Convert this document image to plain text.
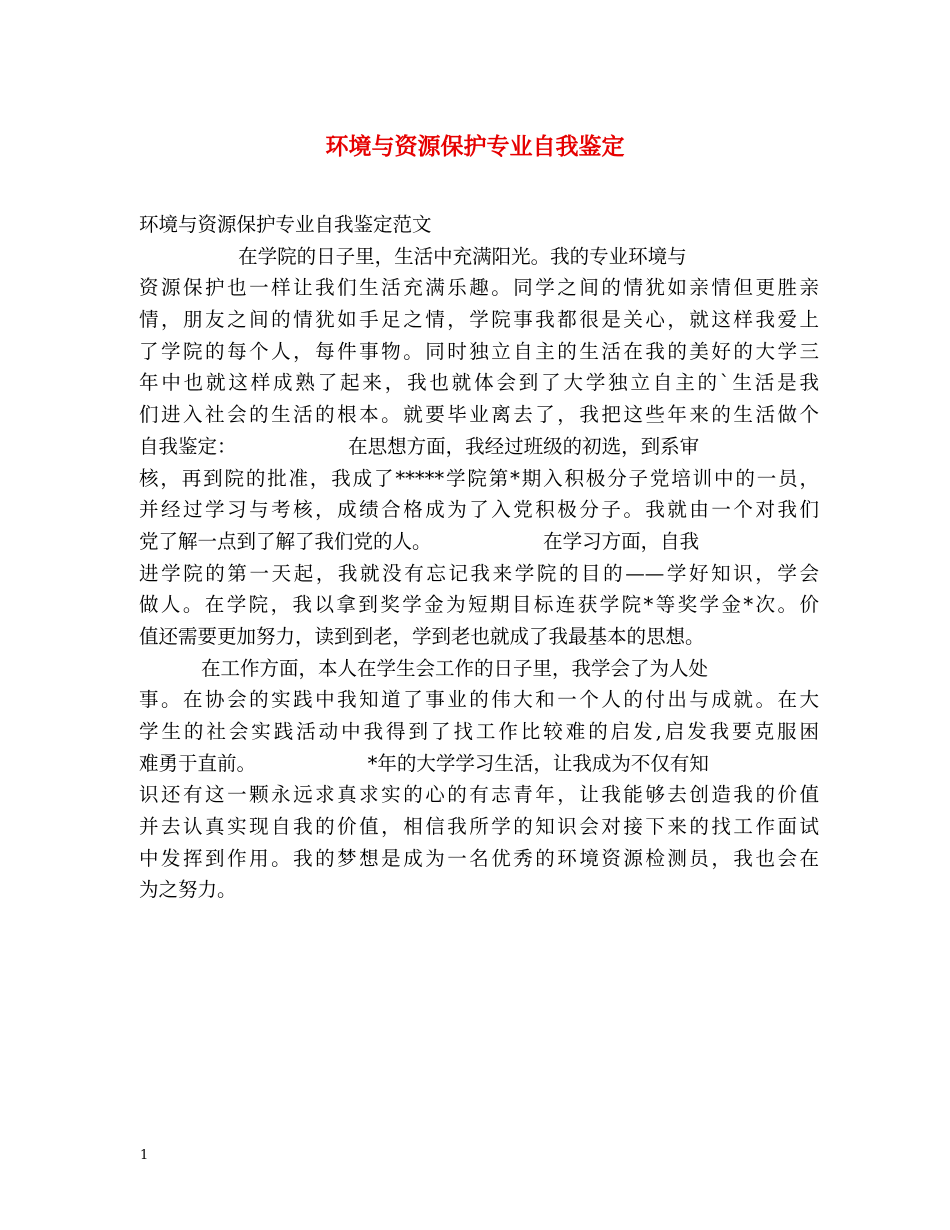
环境与资源保护专业自我鉴定
环境与资源保护专业自我鉴定范文
在学院的日子里，生活中充满阳光。我的专业环境与
资源保护也一样让我们生活充满乐趣。同学之间的情犹如亲情但更胜亲
情，朋友之间的情犹如手足之情，学院事我都很是关心，就这样我爱上
了学院的每个人，每件事物。同时独立自主的生活在我的美好的大学三
年中也就这样成熟了起来，我也就体会到了大学独立自主的`生活是我
们进入社会的生活的根本。就要毕业离去了，我把这些年来的生活做个
自我鉴定：                  在思想方面，我经过班级的初选，到系审
核，再到院的批准，我成了*****学院第*期入积极分子党培训中的一员，
并经过学习与考核，成绩合格成为了入党积极分子。我就由一个对我们
党了解一点到了解了我们党的人。                  在学习方面，自我
进学院的第一天起，我就没有忘记我来学院的目的——学好知识，学会
做人。在学院，我以拿到奖学金为短期目标连获学院*等奖学金*次。价
值还需要更加努力，读到到老，学到老也就成了我最基本的思想。
在工作方面，本人在学生会工作的日子里，我学会了为人处
事。在协会的实践中我知道了事业的伟大和一个人的付出与成就。在大
学生的社会实践活动中我得到了找工作比较难的启发,启发我要克服困
难勇于直前。                  *年的大学学习生活，让我成为不仅有知
识还有这一颗永远求真求实的心的有志青年，让我能够去创造我的价值
并去认真实现自我的价值，相信我所学的知识会对接下来的找工作面试
中发挥到作用。我的梦想是成为一名优秀的环境资源检测员，我也会在
为之努力。
1
